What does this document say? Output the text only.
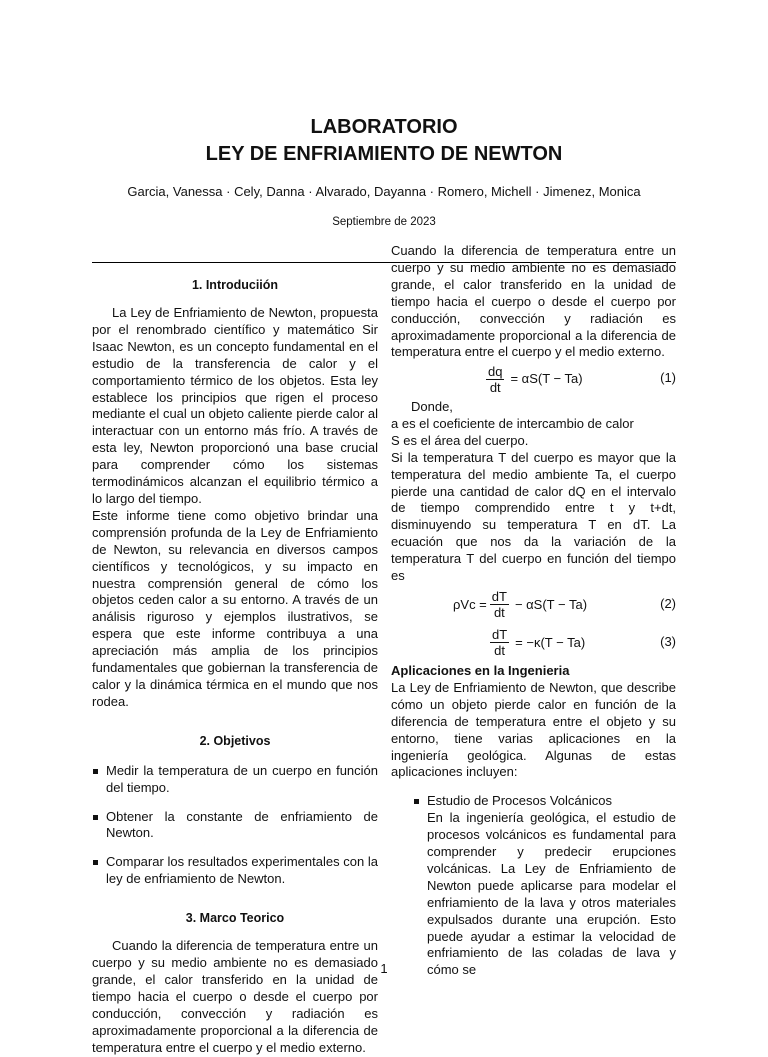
LABORATORIO
LEY DE ENFRIAMIENTO DE NEWTON
Garcia, Vanessa · Cely, Danna · Alvarado, Dayanna · Romero, Michell · Jimenez, Monica
Septiembre de 2023
1. Introduciión

La Ley de Enfriamiento de Newton, propuesta por el renombrado científico y matemático Sir Isaac Newton, es un concepto fundamental en el estudio de la transferencia de calor y el comportamiento térmico de los objetos. Esta ley establece los principios que rigen el proceso mediante el cual un objeto caliente pierde calor al interactuar con un entorno más frío. A través de esta ley, Newton proporcionó una base crucial para comprender cómo los sistemas termodinámicos alcanzan el equilibrio térmico a lo largo del tiempo.

Este informe tiene como objetivo brindar una comprensión profunda de la Ley de Enfriamiento de Newton, su relevancia en diversos campos científicos y tecnológicos, y su impacto en nuestra comprensión general de cómo los objetos ceden calor a su entorno. A través de un análisis riguroso y ejemplos ilustrativos, se espera que este informe contribuya a una apreciación más amplia de los principios fundamentales que gobiernan la transferencia de calor y la dinámica térmica en el mundo que nos rodea.

2. Objetivos
Medir la temperatura de un cuerpo en función del tiempo.
Obtener la constante de enfriamiento de Newton.
Comparar los resultados experimentales con la ley de enfriamiento de Newton.
3. Marco Teorico

Cuando la diferencia de temperatura entre un cuerpo y su medio ambiente no es demasiado grande, el calor transferido en la unidad de tiempo hacia el cuerpo o desde el cuerpo por conducción, convección y radiación es aproximadamente proporcional a la diferencia de temperatura entre el cuerpo y el medio externo.

Cuando la diferencia de temperatura entre un cuerpo y su medio ambiente no es demasiado grande, el calor transferido en la unidad de tiempo hacia el cuerpo o desde el cuerpo por conducción, convección y radiación es aproximadamente proporcional a la diferencia de temperatura entre el cuerpo y el medio externo.

$\frac{dq}{dt} = \alpha S(T - Ta)$	(1)

Donde,

a es el coeficiente de intercambio de calor

S es el área del cuerpo.

Si la temperatura T del cuerpo es mayor que la temperatura del medio ambiente Ta, el cuerpo pierde una cantidad de calor dQ en el intervalo de tiempo comprendido entre t y t+dt, disminuyendo su temperatura T en dT. La ecuación que nos da la variación de la temperatura T del cuerpo en función del tiempo es

$\rho Vc = \frac{dT}{dt} - \alpha S(T - Ta)$	(2)
$\frac{dT}{dt} = -\kappa(T - Ta)$	(3)

Aplicaciones en la Ingenieria

La Ley de Enfriamiento de Newton, que describe cómo un objeto pierde calor en función de la diferencia de temperatura entre el objeto y su entorno, tiene varias aplicaciones en la ingeniería geológica. Algunas de estas aplicaciones incluyen:

Estudio de Procesos Volcánicos
En la ingeniería geológica, el estudio de procesos volcánicos es fundamental para comprender y predecir erupciones volcánicas. La Ley de Enfriamiento de Newton puede aplicarse para modelar el enfriamiento de la lava y otros materiales expulsados durante una erupción. Esto puede ayudar a estimar la velocidad de enfriamiento de las coladas de lava y cómo se
1
